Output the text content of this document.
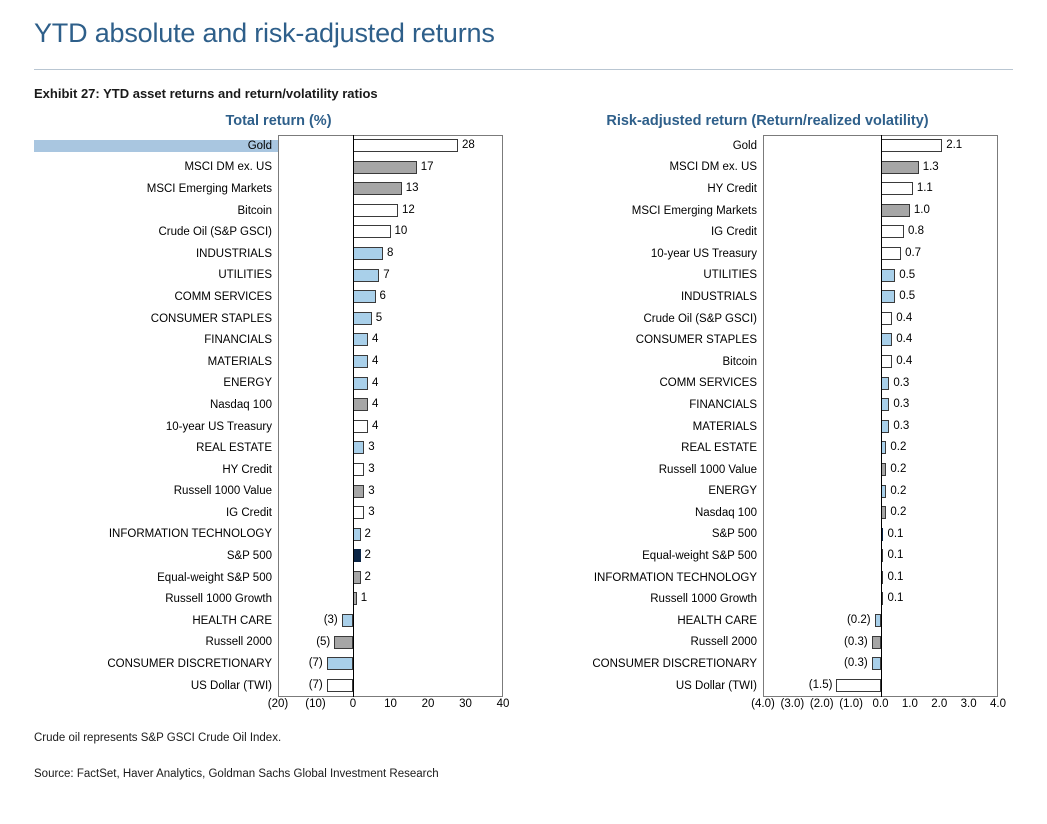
YTD absolute and risk-adjusted returns
Exhibit 27: YTD asset returns and return/volatility ratios
Total return (%)
Gold	28
MSCI DM ex. US	17
MSCI Emerging Markets	13
Bitcoin	12
Crude Oil (S&P GSCI)	10
INDUSTRIALS	8
UTILITIES	7
COMM SERVICES	6
CONSUMER STAPLES	5
FINANCIALS	4
MATERIALS	4
ENERGY	4
Nasdaq 100	4
10-year US Treasury	4
REAL ESTATE	3
HY Credit	3
Russell 1000 Value	3
IG Credit	3
INFORMATION TECHNOLOGY	2
S&P 500	2
Equal-weight S&P 500	2
Russell 1000 Growth	1
HEALTH CARE	(3)
Russell 2000	(5)
CONSUMER DISCRETIONARY	(7)
US Dollar (TWI)	(7)
(20) (10) 0 10 20 30 40
Risk-adjusted return (Return/realized volatility)
Gold	2.1
MSCI DM ex. US	1.3
HY Credit	1.1
MSCI Emerging Markets	1.0
IG Credit	0.8
10-year US Treasury	0.7
UTILITIES	0.5
INDUSTRIALS	0.5
Crude Oil (S&P GSCI)	0.4
CONSUMER STAPLES	0.4
Bitcoin	0.4
COMM SERVICES	0.3
FINANCIALS	0.3
MATERIALS	0.3
REAL ESTATE	0.2
Russell 1000 Value	0.2
ENERGY	0.2
Nasdaq 100	0.2
S&P 500	0.1
Equal-weight S&P 500	0.1
INFORMATION TECHNOLOGY	0.1
Russell 1000 Growth	0.1
HEALTH CARE	(0.2)
Russell 2000	(0.3)
CONSUMER DISCRETIONARY	(0.3)
US Dollar (TWI)	(1.5)
(4.0) (3.0) (2.0) (1.0) 0.0 1.0 2.0 3.0 4.0
Crude oil represents S&P GSCI Crude Oil Index.
Source: FactSet, Haver Analytics, Goldman Sachs Global Investment Research
